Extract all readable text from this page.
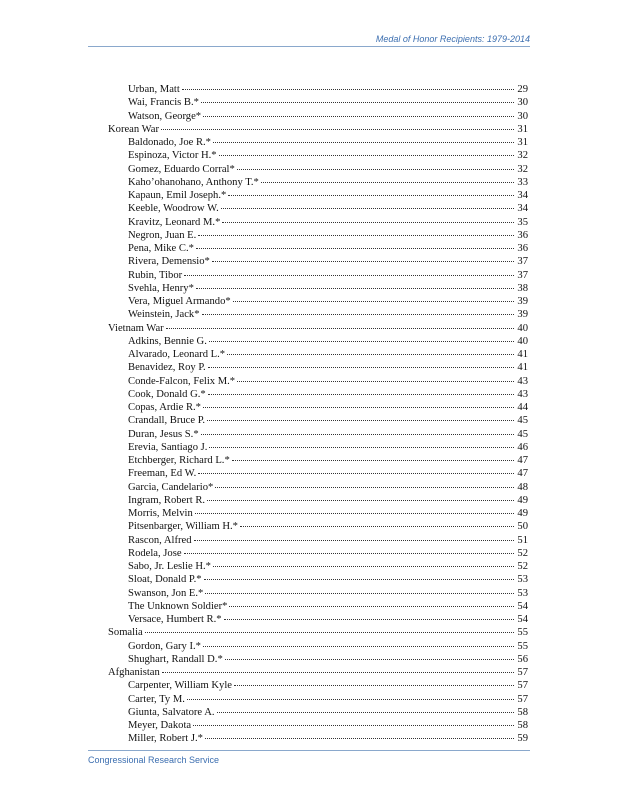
Medal of Honor Recipients: 1979-2014
Urban, Matt	29
Wai, Francis B.*	30
Watson, George*	30
Korean War	31
Baldonado, Joe R.*	31
Espinoza, Victor H.*	32
Gomez, Eduardo Corral*	32
Kaho’ohanohano, Anthony T.*	33
Kapaun, Emil Joseph.*	34
Keeble, Woodrow W.	34
Kravitz, Leonard M.*	35
Negron, Juan E.	36
Pena, Mike C.*	36
Rivera, Demensio*	37
Rubin, Tibor	37
Svehla, Henry*	38
Vera, Miguel Armando*	39
Weinstein, Jack*	39
Vietnam War	40
Adkins, Bennie G.	40
Alvarado, Leonard L.*	41
Benavidez, Roy P.	41
Conde-Falcon, Felix M.*	43
Cook, Donald G.*	43
Copas, Ardie R.*	44
Crandall, Bruce P.	45
Duran, Jesus S.*	45
Erevia, Santiago J.	46
Etchberger, Richard L.*	47
Freeman, Ed W.	47
Garcia, Candelario*	48
Ingram, Robert R.	49
Morris, Melvin	49
Pitsenbarger, William H.*	50
Rascon, Alfred	51
Rodela, Jose	52
Sabo, Jr. Leslie H.*	52
Sloat, Donald P.*	53
Swanson, Jon E.*	53
The Unknown Soldier*	54
Versace, Humbert R.*	54
Somalia	55
Gordon, Gary I.*	55
Shughart, Randall D.*	56
Afghanistan	57
Carpenter, William Kyle	57
Carter, Ty M.	57
Giunta, Salvatore A.	58
Meyer, Dakota	58
Miller, Robert J.*	59
Congressional Research Service
